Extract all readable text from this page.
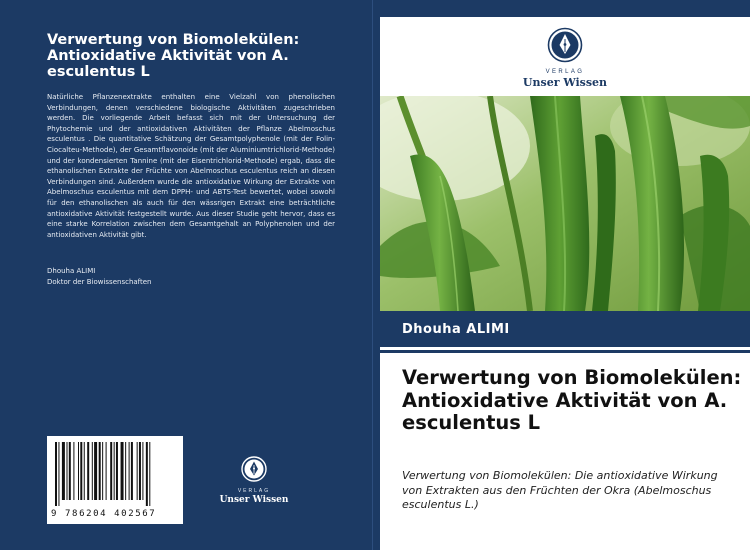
Verwertung von Biomolekülen: Antioxidative Aktivität von A. esculentus L
Natürliche Pflanzenextrakte enthalten eine Vielzahl von phenolischen Verbindungen, denen verschiedene biologische Aktivitäten zugeschrieben werden. Die vorliegende Arbeit befasst sich mit der Untersuchung der Phytochemie und der antioxidativen Aktivitäten der Pflanze Abelmoschus esculentus . Die quantitative Schätzung der Gesamtpolyphenole (mit der Folin-Ciocalteu-Methode), der Gesamtflavonoide (mit der Aluminiumtrichlorid-Methode) und der kondensierten Tannine (mit der Eisentrichlorid-Methode) ergab, dass die ethanolischen Extrakte der Früchte von Abelmoschus esculentus reich an diesen Verbindungen sind. Außerdem wurde die antioxidative Wirkung der Extrakte von Abelmoschus esculentus mit dem DPPH- und ABTS-Test bewertet, wobei sowohl für den ethanolischen als auch für den wässrigen Extrakt eine beträchtliche antioxidative Aktivität festgestellt wurde. Aus dieser Studie geht hervor, dass es eine starke Korrelation zwischen dem Gesamtgehalt an Polyphenolen und der antioxidativen Aktivität gibt.
Dhouha ALIMI
Doktor der Biowissenschaften
9 786204 402567
VERLAG
Unser Wissen
VERLAG
Unser Wissen
Dhouha ALIMI
Verwertung von Biomolekülen: Antioxidative Aktivität von A. esculentus L
Verwertung von Biomolekülen: Die antioxidative Wirkung von Extrakten aus den Früchten der Okra (Abelmoschus esculentus L.)
